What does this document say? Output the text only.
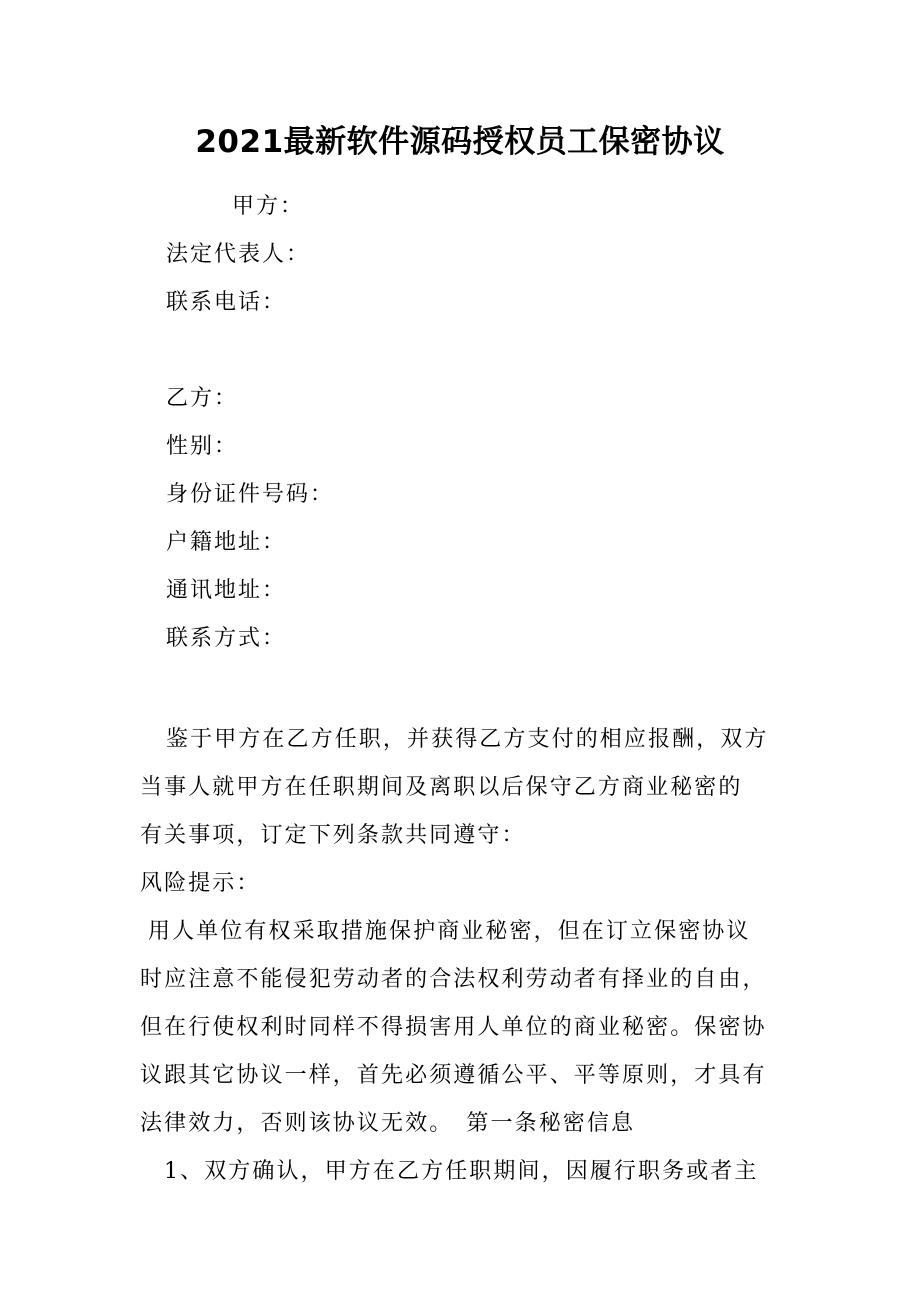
2021最新软件源码授权员工保密协议
甲方：
法定代表人：
联系电话：
乙方：
性别：
身份证件号码：
户籍地址：
通讯地址：
联系方式：
鉴于甲方在乙方任职，并获得乙方支付的相应报酬，双方
当事人就甲方在任职期间及离职以后保守乙方商业秘密的
有关事项，订定下列条款共同遵守：
风险提示：
用人单位有权采取措施保护商业秘密，但在订立保密协议
时应注意不能侵犯劳动者的合法权利劳动者有择业的自由，
但在行使权利时同样不得损害用人单位的商业秘密。保密协
议跟其它协议一样，首先必须遵循公平、平等原则，才具有
法律效力，否则该协议无效。　第一条秘密信息
1、双方确认，甲方在乙方任职期间，因履行职务或者主
